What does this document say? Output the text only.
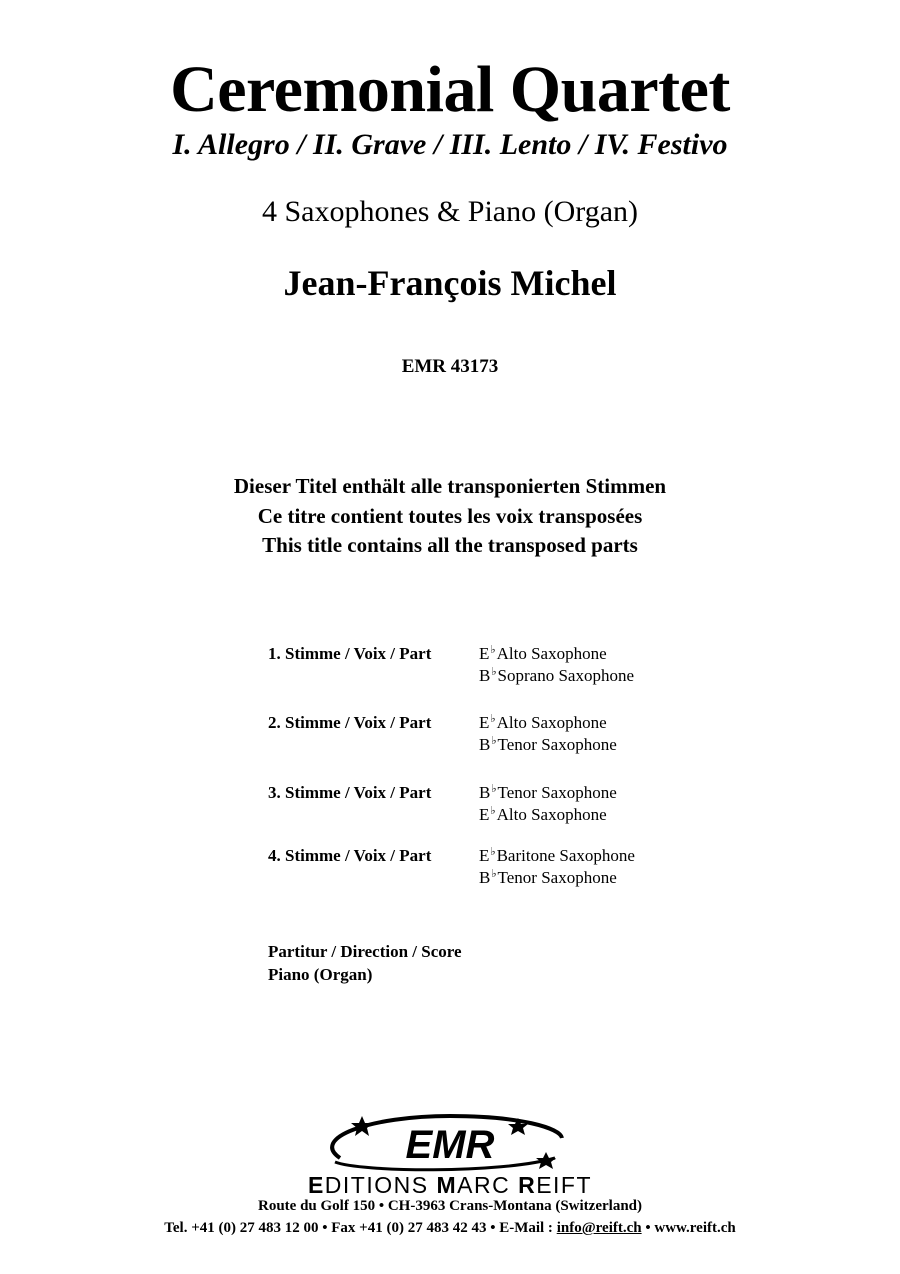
Ceremonial Quartet
I. Allegro / II. Grave / III. Lento / IV. Festivo
4 Saxophones & Piano (Organ)
Jean-François Michel
EMR 43173
Dieser Titel enthält alle transponierten Stimmen
Ce titre contient toutes les voix transposées
This title contains all the transposed parts
1. Stimme / Voix / Part	E♭Alto Saxophone
B♭Soprano Saxophone
2. Stimme / Voix / Part	E♭Alto Saxophone
B♭Tenor Saxophone
3. Stimme / Voix / Part	B♭Tenor Saxophone
E♭Alto Saxophone
4. Stimme / Voix / Part	E♭Baritone Saxophone
B♭Tenor Saxophone
Partitur / Direction / Score
Piano (Organ)
EMR
EDITIONS MARC REIFT
Route du Golf 150 • CH-3963 Crans-Montana (Switzerland)
Tel. +41 (0) 27 483 12 00 • Fax +41 (0) 27 483 42 43 • E-Mail : info@reift.ch • www.reift.ch
